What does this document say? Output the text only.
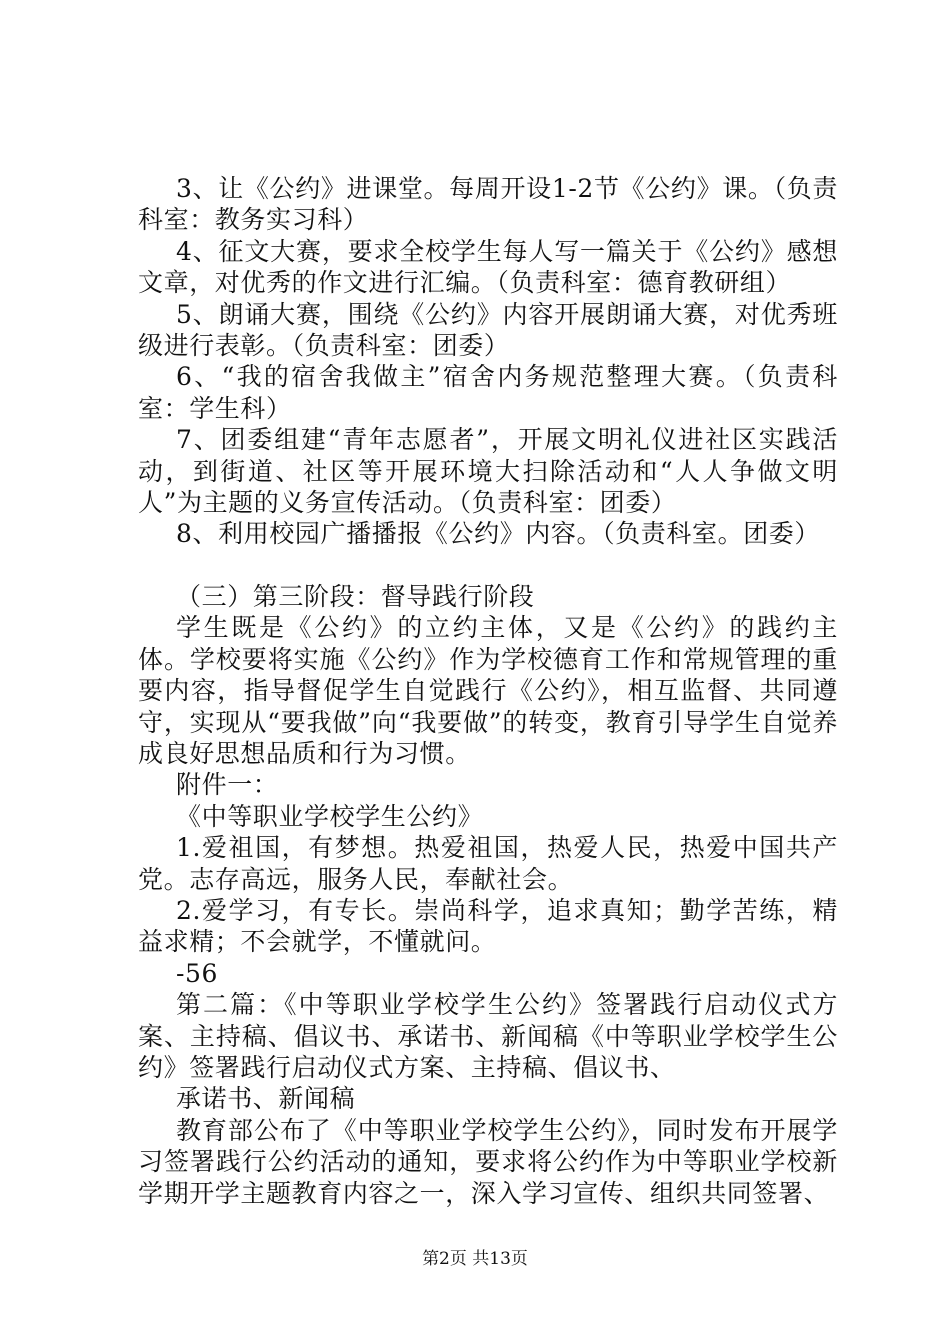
3、让《公约》进课堂。每周开设1-2节《公约》课。（负责科室：教务实习科）

4、征文大赛，要求全校学生每人写一篇关于《公约》感想文章，对优秀的作文进行汇编。（负责科室：德育教研组）

5、朗诵大赛，围绕《公约》内容开展朗诵大赛，对优秀班级进行表彰。（负责科室：团委）

6、“我的宿舍我做主”宿舍内务规范整理大赛。（负责科室：学生科）

7、团委组建“青年志愿者”，开展文明礼仪进社区实践活动，到街道、社区等开展环境大扫除活动和“人人争做文明人”为主题的义务宣传活动。（负责科室：团委）

8、利用校园广播播报《公约》内容。（负责科室。团委）

（三）第三阶段：督导践行阶段

学生既是《公约》的立约主体，又是《公约》的践约主体。学校要将实施《公约》作为学校德育工作和常规管理的重要内容，指导督促学生自觉践行《公约》，相互监督、共同遵守，实现从“要我做”向“我要做”的转变，教育引导学生自觉养成良好思想品质和行为习惯。

附件一：

《中等职业学校学生公约》

1.爱祖国，有梦想。热爱祖国，热爱人民，热爱中国共产党。志存高远，服务人民，奉献社会。

2.爱学习，有专长。崇尚科学，追求真知；勤学苦练，精益求精；不会就学，不懂就问。

-56

第二篇：《中等职业学校学生公约》签署践行启动仪式方案、主持稿、倡议书、承诺书、新闻稿《中等职业学校学生公约》签署践行启动仪式方案、主持稿、倡议书、

承诺书、新闻稿

教育部公布了《中等职业学校学生公约》，同时发布开展学习签署践行公约活动的通知，要求将公约作为中等职业学校新学期开学主题教育内容之一，深入学习宣传、组织共同签署、

第2页 共13页
